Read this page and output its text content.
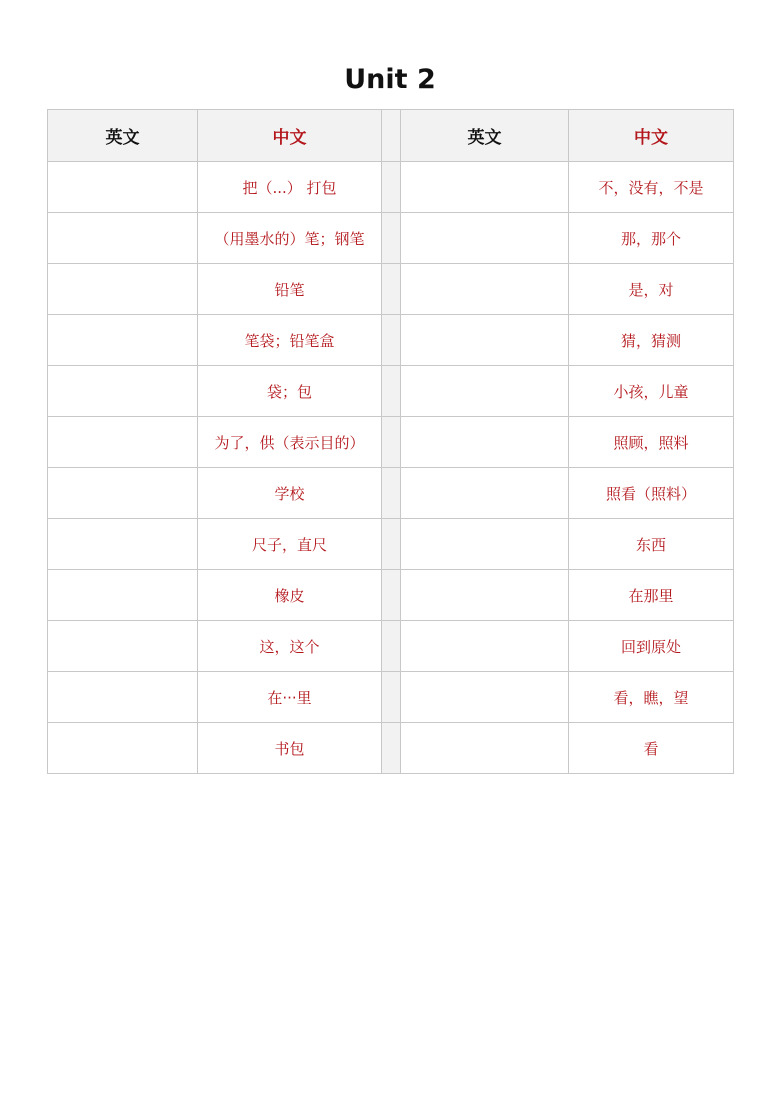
Unit 2
英文	中文		英文	中文
	把（...） 打包			不，没有，不是
	（用墨水的）笔；钢笔			那，那个
	铅笔			是，对
	笔袋；铅笔盒			猜，猜测
	袋；包			小孩，儿童
	为了，供（表示目的）			照顾，照料
	学校			照看（照料）
	尺子，直尺			东西
	橡皮			在那里
	这，这个			回到原处
	在···里			看，瞧，望
	书包			看
